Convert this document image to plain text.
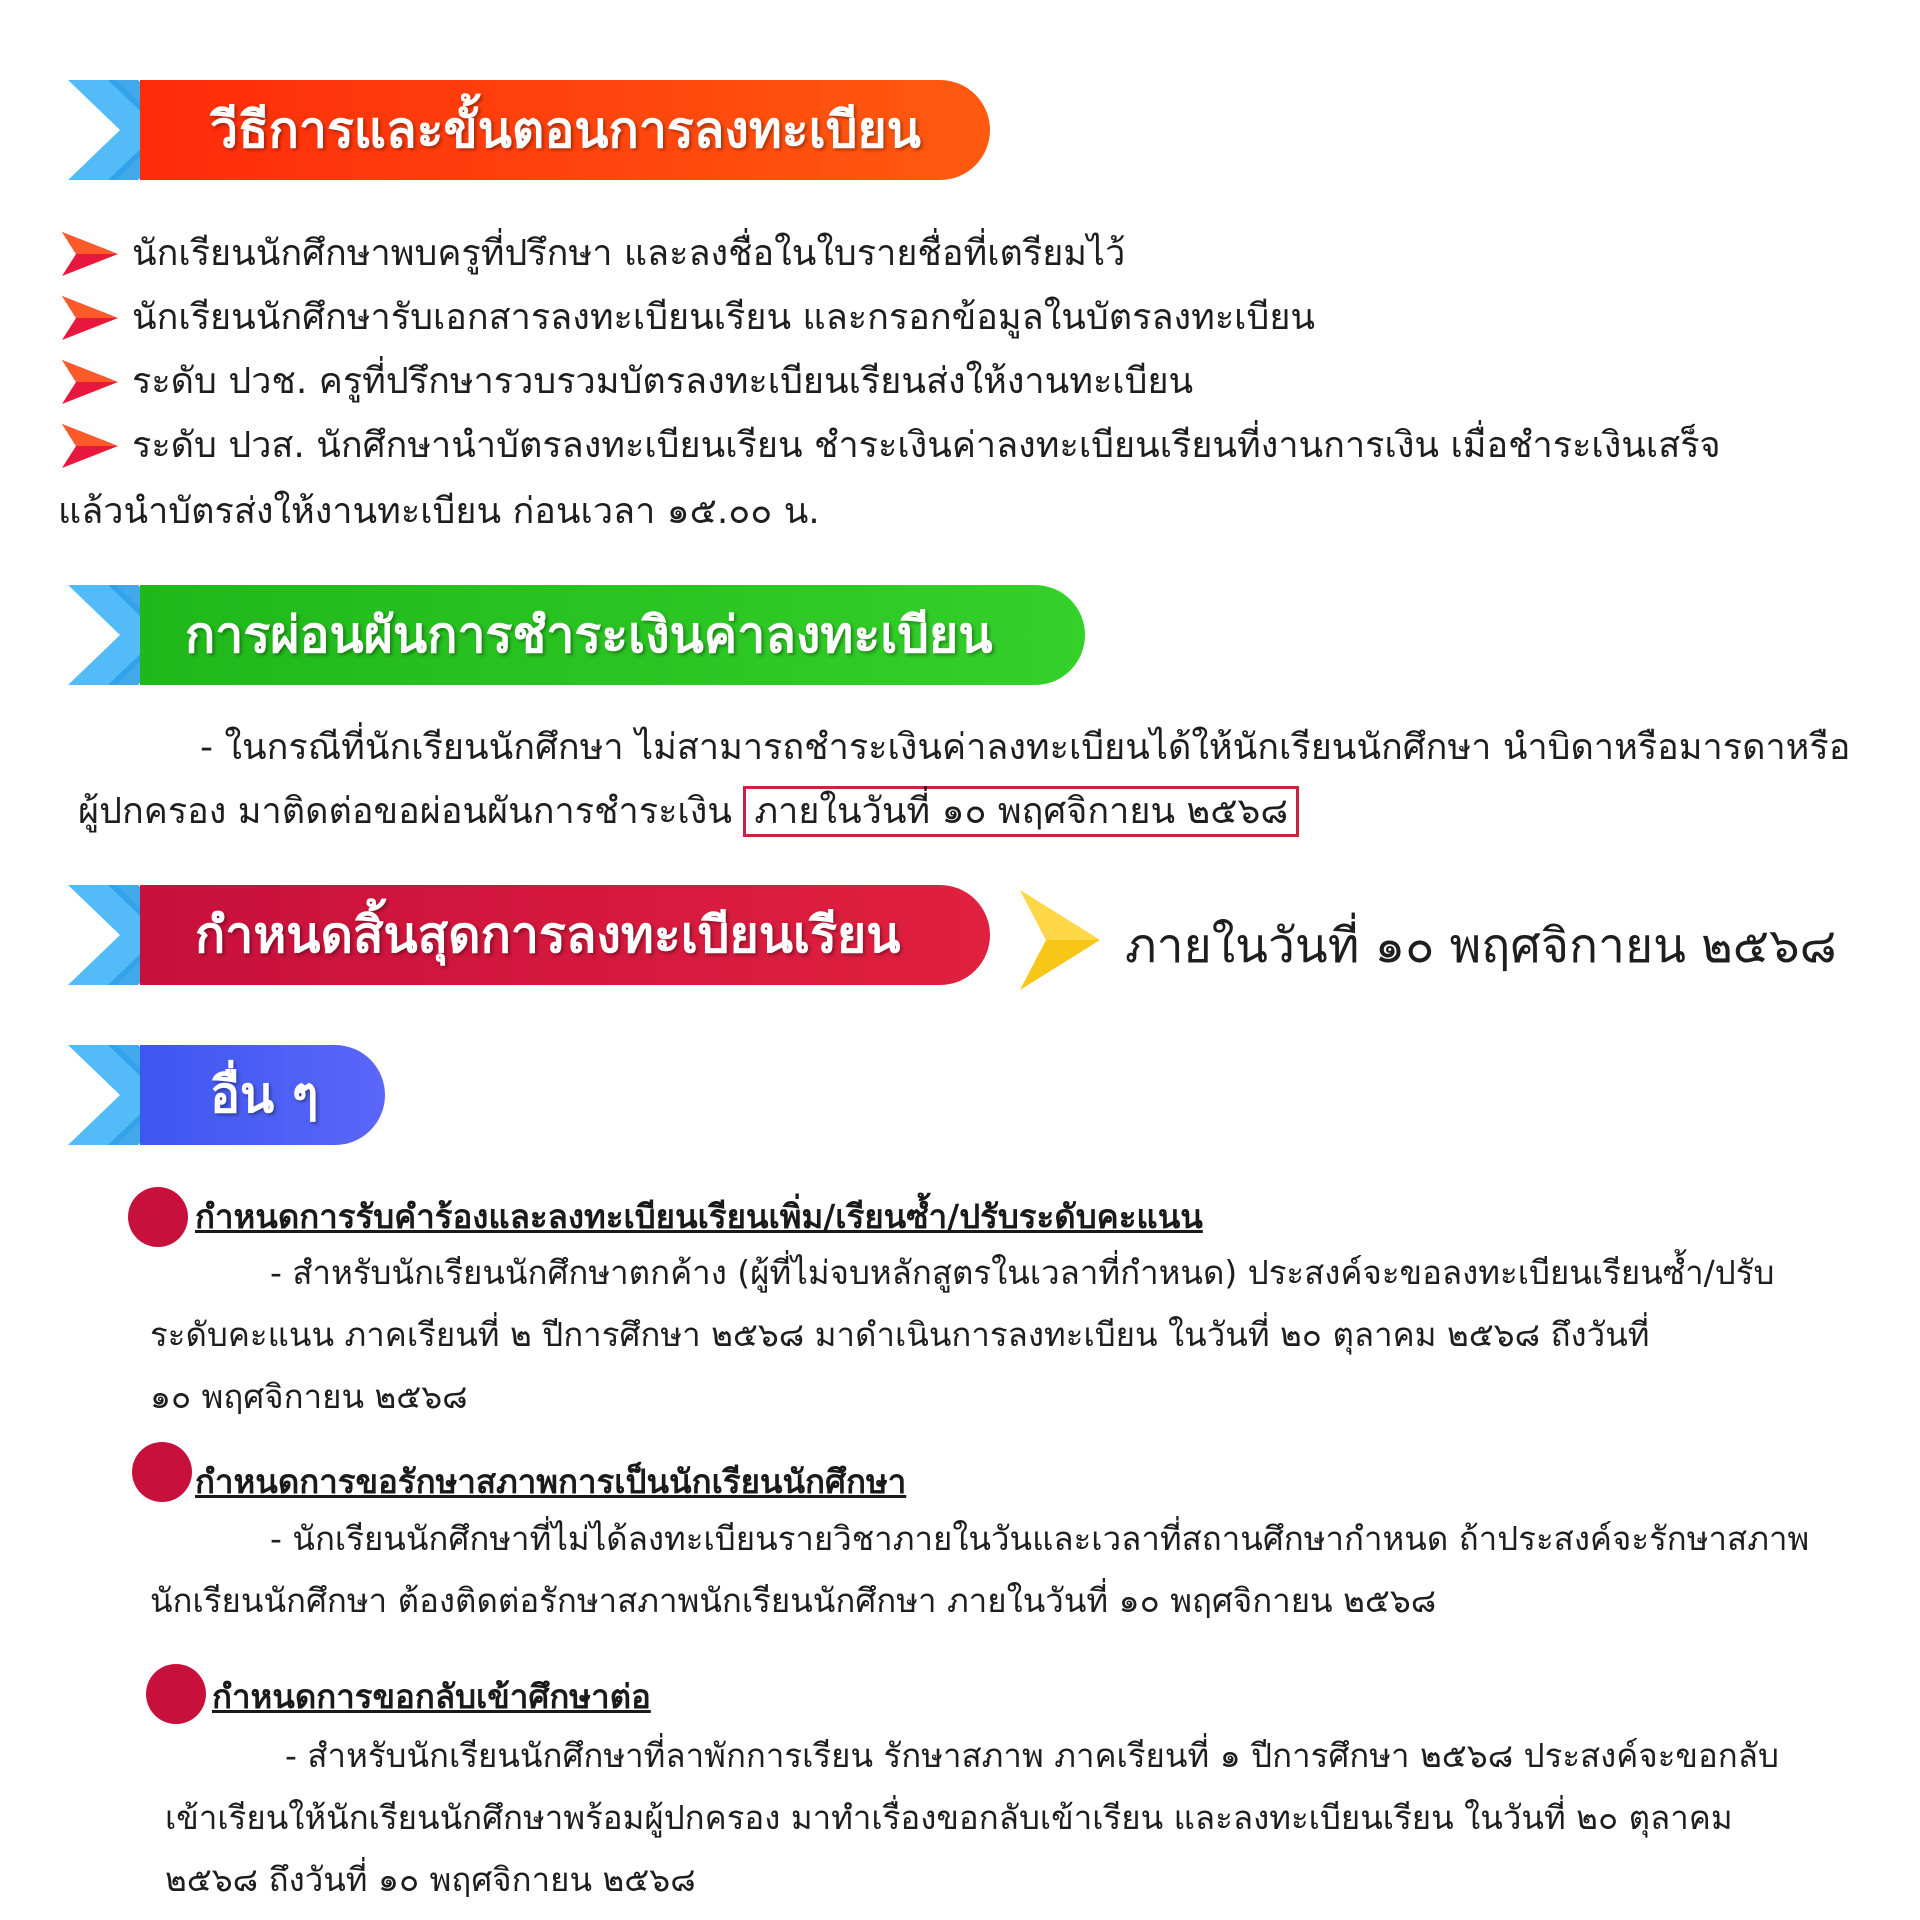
วีธีการและขั้นตอนการลงทะเบียน
นักเรียนนักศึกษาพบครูที่ปรึกษา และลงชื่อในใบรายชื่อที่เตรียมไว้
นักเรียนนักศึกษารับเอกสารลงทะเบียนเรียน และกรอกข้อมูลในบัตรลงทะเบียน
ระดับ ปวช. ครูที่ปรึกษารวบรวมบัตรลงทะเบียนเรียนส่งให้งานทะเบียน
ระดับ ปวส. นักศึกษานำบัตรลงทะเบียนเรียน ชำระเงินค่าลงทะเบียนเรียนที่งานการเงิน เมื่อชำระเงินเสร็จ
แล้วนำบัตรส่งให้งานทะเบียน ก่อนเวลา ๑๕.๐๐ น.
การผ่อนผันการชำระเงินค่าลงทะเบียน
- ในกรณีที่นักเรียนนักศึกษา ไม่สามารถชำระเงินค่าลงทะเบียนได้ให้นักเรียนนักศึกษา นำบิดาหรือมารดาหรือ
ผู้ปกครอง มาติดต่อขอผ่อนผันการชำระเงิน ภายในวันที่ ๑๐ พฤศจิกายน ๒๕๖๘
กำหนดสิ้นสุดการลงทะเบียนเรียน	ภายในวันที่ ๑๐ พฤศจิกายน ๒๕๖๘
อื่น ๆ
กำหนดการรับคำร้องและลงทะเบียนเรียนเพิ่ม/เรียนซ้ำ/ปรับระดับคะแนน
- สำหรับนักเรียนนักศึกษาตกค้าง (ผู้ที่ไม่จบหลักสูตรในเวลาที่กำหนด) ประสงค์จะขอลงทะเบียนเรียนซ้ำ/ปรับ
ระดับคะแนน ภาคเรียนที่ ๒ ปีการศึกษา ๒๕๖๘ มาดำเนินการลงทะเบียน ในวันที่ ๒๐ ตุลาคม ๒๕๖๘ ถึงวันที่
๑๐ พฤศจิกายน ๒๕๖๘
กำหนดการขอรักษาสภาพการเป็นนักเรียนนักศึกษา
- นักเรียนนักศึกษาที่ไม่ได้ลงทะเบียนรายวิชาภายในวันและเวลาที่สถานศึกษากำหนด ถ้าประสงค์จะรักษาสภาพ
นักเรียนนักศึกษา ต้องติดต่อรักษาสภาพนักเรียนนักศึกษา ภายในวันที่ ๑๐ พฤศจิกายน ๒๕๖๘
กำหนดการขอกลับเข้าศึกษาต่อ
- สำหรับนักเรียนนักศึกษาที่ลาพักการเรียน รักษาสภาพ ภาคเรียนที่ ๑ ปีการศึกษา ๒๕๖๘ ประสงค์จะขอกลับ
เข้าเรียนให้นักเรียนนักศึกษาพร้อมผู้ปกครอง มาทำเรื่องขอกลับเข้าเรียน และลงทะเบียนเรียน ในวันที่ ๒๐ ตุลาคม
๒๕๖๘ ถึงวันที่ ๑๐ พฤศจิกายน ๒๕๖๘
